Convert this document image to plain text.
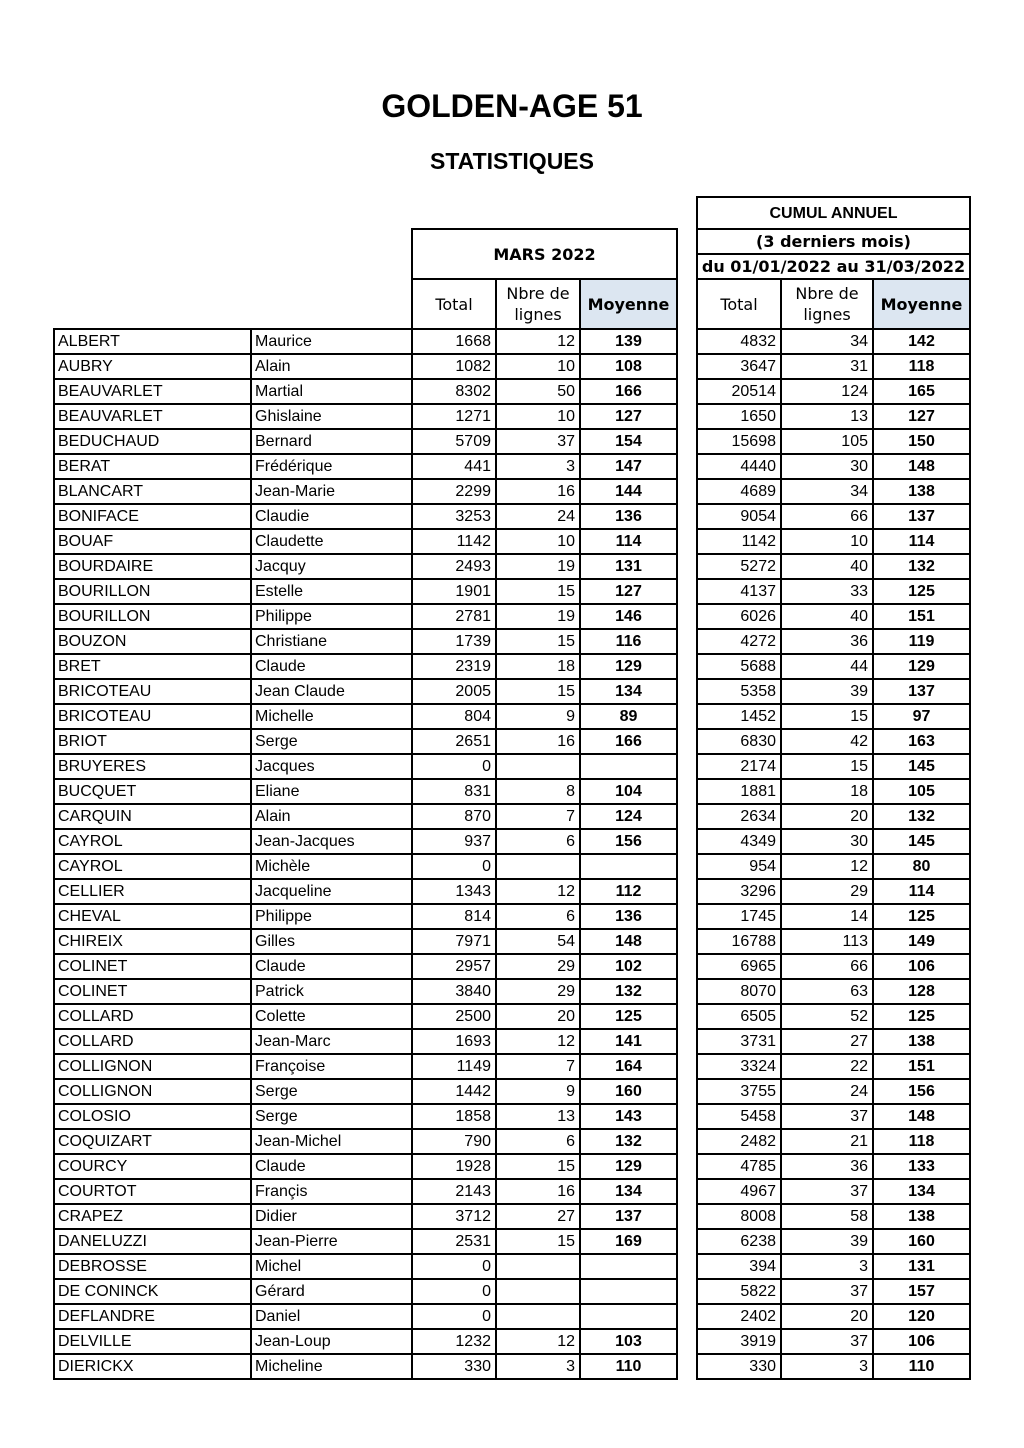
GOLDEN-AGE 51
STATISTIQUES
						CUMUL ANNUEL		
		MARS 2022				(3 derniers mois)		
						du 01/01/2022 au 31/03/2022		
		Total	Nbre de
lignes	Moyenne		Total	Nbre de
lignes	Moyenne
ALBERT	Maurice	1668	12	139		4832	34	142
AUBRY	Alain	1082	10	108		3647	31	118
BEAUVARLET	Martial	8302	50	166		20514	124	165
BEAUVARLET	Ghislaine	1271	10	127		1650	13	127
BEDUCHAUD	Bernard	5709	37	154		15698	105	150
BERAT	Frédérique	441	3	147		4440	30	148
BLANCART	Jean-Marie	2299	16	144		4689	34	138
BONIFACE	Claudie	3253	24	136		9054	66	137
BOUAF	Claudette	1142	10	114		1142	10	114
BOURDAIRE	Jacquy	2493	19	131		5272	40	132
BOURILLON	Estelle	1901	15	127		4137	33	125
BOURILLON	Philippe	2781	19	146		6026	40	151
BOUZON	Christiane	1739	15	116		4272	36	119
BRET	Claude	2319	18	129		5688	44	129
BRICOTEAU	Jean Claude	2005	15	134		5358	39	137
BRICOTEAU	Michelle	804	9	89		1452	15	97
BRIOT	Serge	2651	16	166		6830	42	163
BRUYERES	Jacques	0				2174	15	145
BUCQUET	Eliane	831	8	104		1881	18	105
CARQUIN	Alain	870	7	124		2634	20	132
CAYROL	Jean-Jacques	937	6	156		4349	30	145
CAYROL	Michèle	0				954	12	80
CELLIER	Jacqueline	1343	12	112		3296	29	114
CHEVAL	Philippe	814	6	136		1745	14	125
CHIREIX	Gilles	7971	54	148		16788	113	149
COLINET	Claude	2957	29	102		6965	66	106
COLINET	Patrick	3840	29	132		8070	63	128
COLLARD	Colette	2500	20	125		6505	52	125
COLLARD	Jean-Marc	1693	12	141		3731	27	138
COLLIGNON	Françoise	1149	7	164		3324	22	151
COLLIGNON	Serge	1442	9	160		3755	24	156
COLOSIO	Serge	1858	13	143		5458	37	148
COQUIZART	Jean-Michel	790	6	132		2482	21	118
COURCY	Claude	1928	15	129		4785	36	133
COURTOT	Françis	2143	16	134		4967	37	134
CRAPEZ	Didier	3712	27	137		8008	58	138
DANELUZZI	Jean-Pierre	2531	15	169		6238	39	160
DEBROSSE	Michel	0				394	3	131
DE CONINCK	Gérard	0				5822	37	157
DEFLANDRE	Daniel	0				2402	20	120
DELVILLE	Jean-Loup	1232	12	103		3919	37	106
DIERICKX	Micheline	330	3	110		330	3	110
